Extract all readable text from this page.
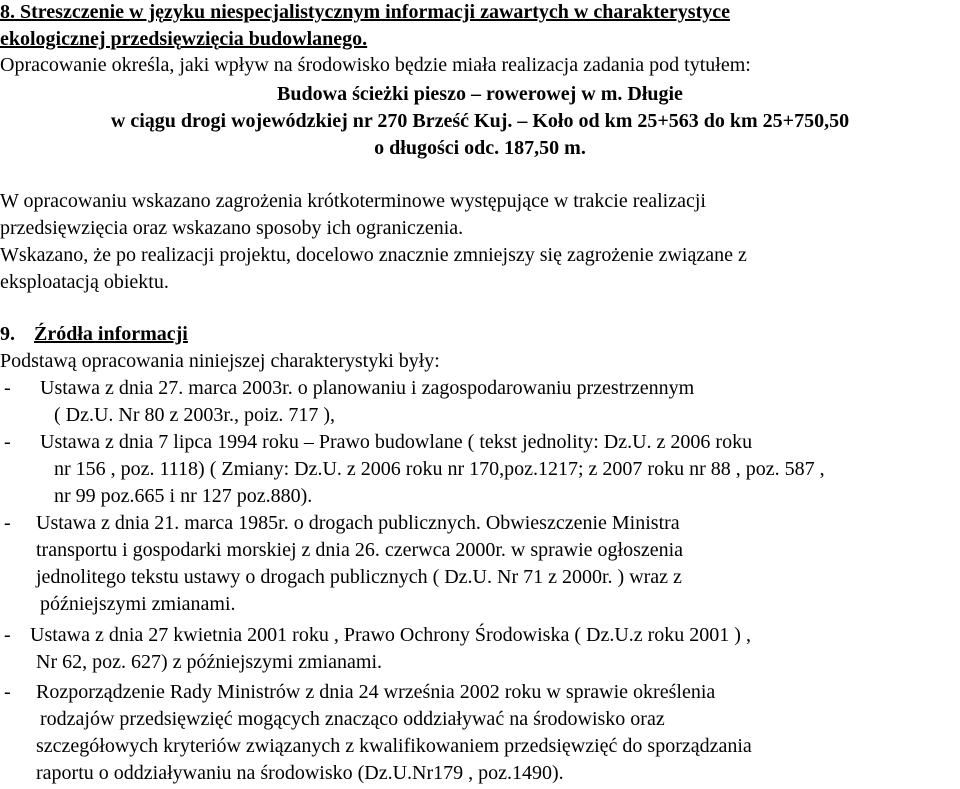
8. Streszczenie w języku niespecjalistycznym informacji zawartych w charakterystyce
ekologicznej przedsięwzięcia budowlanego.
Opracowanie określa, jaki wpływ na środowisko będzie miała realizacja zadania pod tytułem:
Budowa ścieżki pieszo – rowerowej w m. Długie
w ciągu drogi wojewódzkiej nr 270 Brześć Kuj. – Koło od km 25+563 do km 25+750,50
o długości odc. 187,50 m.
W opracowaniu wskazano zagrożenia krótkoterminowe występujące w trakcie realizacji
przedsięwzięcia oraz wskazano sposoby ich ograniczenia.
Wskazano, że po realizacji projektu, docelowo znacznie zmniejszy się zagrożenie związane z
eksploatacją obiektu.
9. Źródła informacji
Podstawą opracowania niniejszej charakterystyki były:
- Ustawa z dnia 27. marca 2003r. o planowaniu i zagospodarowaniu przestrzennym
( Dz.U. Nr 80 z 2003r., poiz. 717 ),
- Ustawa z dnia 7 lipca 1994 roku – Prawo budowlane ( tekst jednolity: Dz.U. z 2006 roku
nr 156 , poz. 1118) ( Zmiany: Dz.U. z 2006 roku nr 170,poz.1217; z 2007 roku nr 88 , poz. 587 ,
nr 99 poz.665 i nr 127 poz.880).
- Ustawa z dnia 21. marca 1985r. o drogach publicznych. Obwieszczenie Ministra
transportu i gospodarki morskiej z dnia 26. czerwca 2000r. w sprawie ogłoszenia
jednolitego tekstu ustawy o drogach publicznych ( Dz.U. Nr 71 z 2000r. ) wraz z
późniejszymi zmianami.
- Ustawa z dnia 27 kwietnia 2001 roku , Prawo Ochrony Środowiska ( Dz.U.z roku 2001 ) ,
Nr 62, poz. 627) z późniejszymi zmianami.
- Rozporządzenie Rady Ministrów z dnia 24 września 2002 roku w sprawie określenia
rodzajów przedsięwzięć mogących znacząco oddziaływać na środowisko oraz
szczegółowych kryteriów związanych z kwalifikowaniem przedsięwzięć do sporządzania
raportu o oddziaływaniu na środowisko (Dz.U.Nr179 , poz.1490).
